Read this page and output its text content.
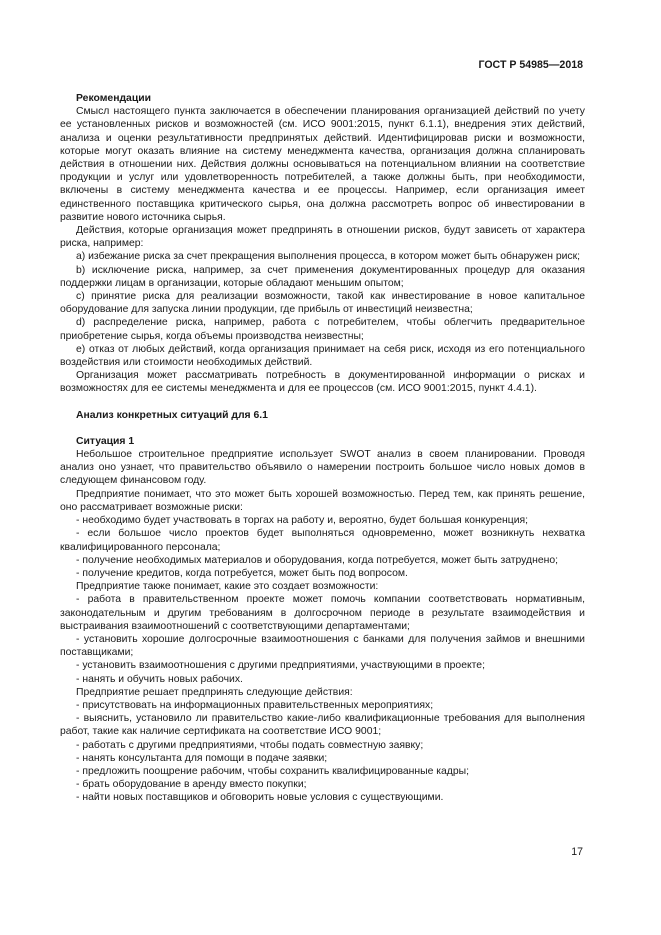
ГОСТ Р 54985—2018
Рекомендации

Смысл настоящего пункта заключается в обеспечении планирования организацией действий по учету ее установленных рисков и возможностей (см. ИСО 9001:2015, пункт 6.1.1), внедрения этих действий, анализа и оценки результативности предпринятых действий. Идентифицировав риски и возможности, которые могут оказать влияние на систему менеджмента качества, организация должна спланировать действия в отношении них. Действия должны основываться на потенциальном влиянии на соответствие продукции и услуг или удовлетворенность потребителей, а также должны быть, при необходимости, включены в систему менеджмента качества и ее процессы. Например, если организация имеет единственного поставщика критического сырья, она должна рассмотреть вопрос об инвестировании в развитие нового источника сырья.

Действия, которые организация может предпринять в отношении рисков, будут зависеть от характера риска, например:

а) избежание риска за счет прекращения выполнения процесса, в котором может быть обнаружен риск;

b) исключение риска, например, за счет применения документированных процедур для оказания поддержки лицам в организации, которые обладают меньшим опытом;

с) принятие риска для реализации возможности, такой как инвестирование в новое капитальное оборудование для запуска линии продукции, где прибыль от инвестиций неизвестна;

d) распределение риска, например, работа с потребителем, чтобы облегчить предварительное приобретение сырья, когда объемы производства неизвестны;

е) отказ от любых действий, когда организация принимает на себя риск, исходя из его потенциального воздействия или стоимости необходимых действий.

Организация может рассматривать потребность в документированной информации о рисках и возможностях для ее системы менеджмента и для ее процессов (см. ИСО 9001:2015, пункт 4.4.1).

Анализ конкретных ситуаций для 6.1
Ситуация 1

Небольшое строительное предприятие использует SWOT анализ в своем планировании. Проводя анализ оно узнает, что правительство объявило о намерении построить большое число новых домов в следующем финансовом году.

Предприятие понимает, что это может быть хорошей возможностью. Перед тем, как принять решение, оно рассматривает возможные риски:

- необходимо будет участвовать в торгах на работу и, вероятно, будет большая конкуренция;

- если большое число проектов будет выполняться одновременно, может возникнуть нехватка квалифицированного персонала;

- получение необходимых материалов и оборудования, когда потребуется, может быть затруднено;

- получение кредитов, когда потребуется, может быть под вопросом.

Предприятие также понимает, какие это создает возможности:

- работа в правительственном проекте может помочь компании соответствовать нормативным, законодательным и другим требованиям в долгосрочном периоде в результате взаимодействия и выстраивания взаимоотношений с соответствующими департаментами;

- установить хорошие долгосрочные взаимоотношения с банками для получения займов и внешними поставщиками;

- установить взаимоотношения с другими предприятиями, участвующими в проекте;

- нанять и обучить новых рабочих.

Предприятие решает предпринять следующие действия:

- присутствовать на информационных правительственных мероприятиях;

- выяснить, установило ли правительство какие-либо квалификационные требования для выполнения работ, такие как наличие сертификата на соответствие ИСО 9001;

- работать с другими предприятиями, чтобы подать совместную заявку;

- нанять консультанта для помощи в подаче заявки;

- предложить поощрение рабочим, чтобы сохранить квалифицированные кадры;

- брать оборудование в аренду вместо покупки;

- найти новых поставщиков и обговорить новые условия с существующими.

17
